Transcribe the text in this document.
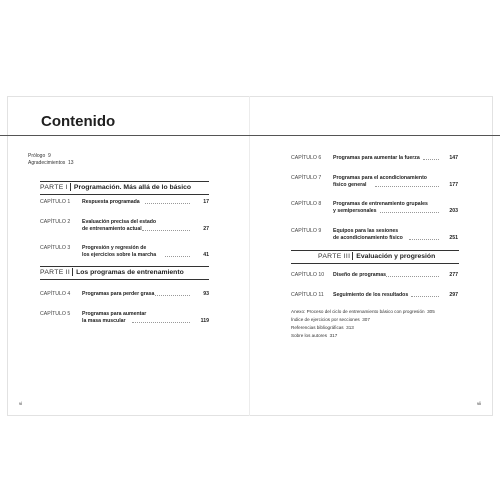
Contenido
Prólogo 9
Agradecimientos 13
PARTE I Programación. Más allá de lo básico
CAPÍTULO 1 Respuesta programada	17
CAPÍTULO 2 Evaluación precisa del estado
de entrenamiento actual	27
CAPÍTULO 3 Progresión y regresión de
los ejercicios sobre la marcha	41
PARTE II Los programas de entrenamiento
CAPÍTULO 4 Programas para perder grasa	93
CAPÍTULO 5 Programas para aumentar
la masa muscular	119
CAPÍTULO 6 Programas para aumentar la fuerza	147
CAPÍTULO 7 Programas para el acondicionamiento
físico general	177
CAPÍTULO 8 Programas de entrenamiento grupales
y semipersonales	203
CAPÍTULO 9 Equipos para las sesiones
de acondicionamiento físico	251
PARTE III Evaluación y progresión
CAPÍTULO 10 Diseño de programas	277
CAPÍTULO 11 Seguimiento de los resultados	297
Anexo: Proceso del ciclo de entrenamiento básico con progresión 305
Índice de ejercicios por secciones 307
Referencias bibliográficas 313
Sobre los autores 317
vi	vii
